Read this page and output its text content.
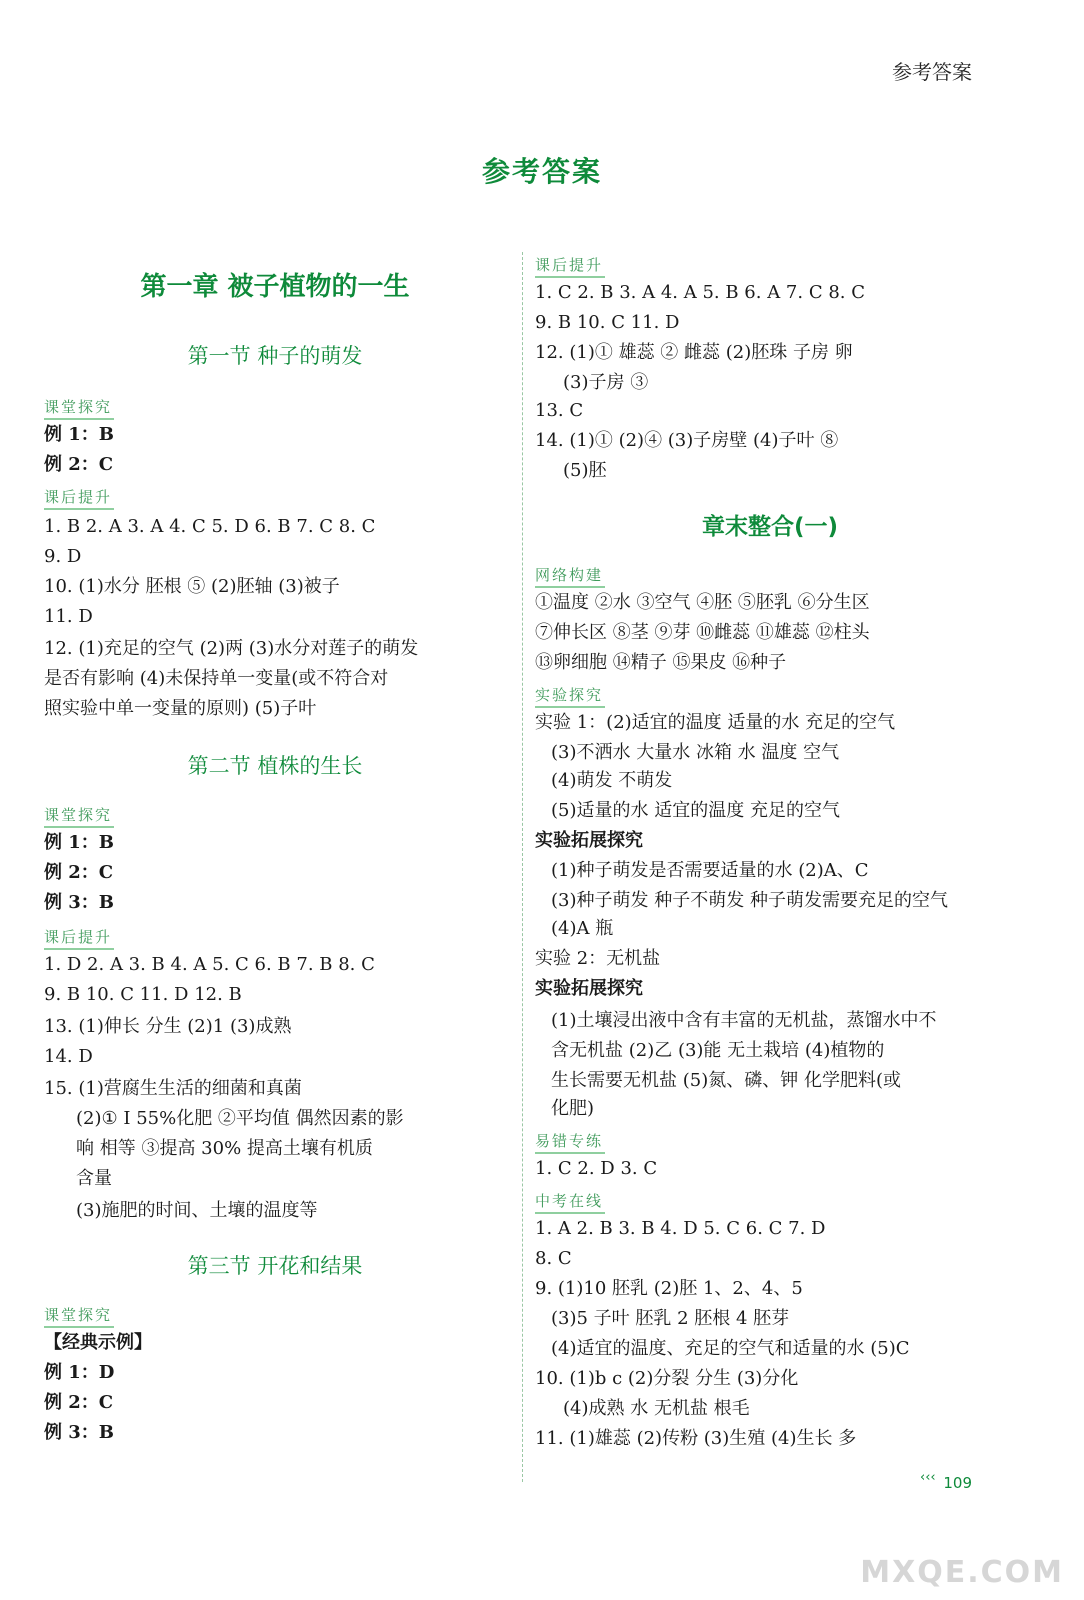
参考答案
参考答案
第一章 被子植物的一生
第一节 种子的萌发
课堂探究
例 1：B
例 2：C
课后提升
1. B 2. A 3. A 4. C 5. D 6. B 7. C 8. C
9. D
10. (1)水分 胚根 ⑤ (2)胚轴 (3)被子
11. D
12. (1)充足的空气 (2)两 (3)水分对莲子的萌发
是否有影响 (4)未保持单一变量(或不符合对
照实验中单一变量的原则) (5)子叶
第二节 植株的生长
课堂探究
例 1：B
例 2：C
例 3：B
课后提升
1. D 2. A 3. B 4. A 5. C 6. B 7. B 8. C
9. B 10. C 11. D 12. B
13. (1)伸长 分生 (2)1 (3)成熟
14. D
15. (1)营腐生生活的细菌和真菌
(2)① Ⅰ 55%化肥 ②平均值 偶然因素的影
响 相等 ③提高 30% 提高土壤有机质
含量
(3)施肥的时间、土壤的温度等
第三节 开花和结果
课堂探究
【经典示例】
例 1：D
例 2：C
例 3：B
课后提升
1. C 2. B 3. A 4. A 5. B 6. A 7. C 8. C
9. B 10. C 11. D
12. (1)① 雄蕊 ② 雌蕊 (2)胚珠 子房 卵
(3)子房 ③
13. C
14. (1)① (2)④ (3)子房壁 (4)子叶 ⑧
(5)胚
章末整合(一)
网络构建
①温度 ②水 ③空气 ④胚 ⑤胚乳 ⑥分生区
⑦伸长区 ⑧茎 ⑨芽 ⑩雌蕊 ⑪雄蕊 ⑫柱头
⑬卵细胞 ⑭精子 ⑮果皮 ⑯种子
实验探究
实验 1：(2)适宜的温度 适量的水 充足的空气
(3)不洒水 大量水 冰箱 水 温度 空气
(4)萌发 不萌发
(5)适量的水 适宜的温度 充足的空气
实验拓展探究
(1)种子萌发是否需要适量的水 (2)A、C
(3)种子萌发 种子不萌发 种子萌发需要充足的空气
(4)A 瓶
实验 2：无机盐
实验拓展探究
(1)土壤浸出液中含有丰富的无机盐，蒸馏水中不
含无机盐 (2)乙 (3)能 无土栽培 (4)植物的
生长需要无机盐 (5)氮、磷、钾 化学肥料(或
化肥)
易错专练
1. C 2. D 3. C
中考在线
1. A 2. B 3. B 4. D 5. C 6. C 7. D
8. C
9. (1)10 胚乳 (2)胚 1、2、4、5
(3)5 子叶 胚乳 2 胚根 4 胚芽
(4)适宜的温度、充足的空气和适量的水 (5)C
10. (1)b c (2)分裂 分生 (3)分化
(4)成熟 水 无机盐 根毛
11. (1)雄蕊 (2)传粉 (3)生殖 (4)生长 多
‹‹‹ 109
MXQE.COM
